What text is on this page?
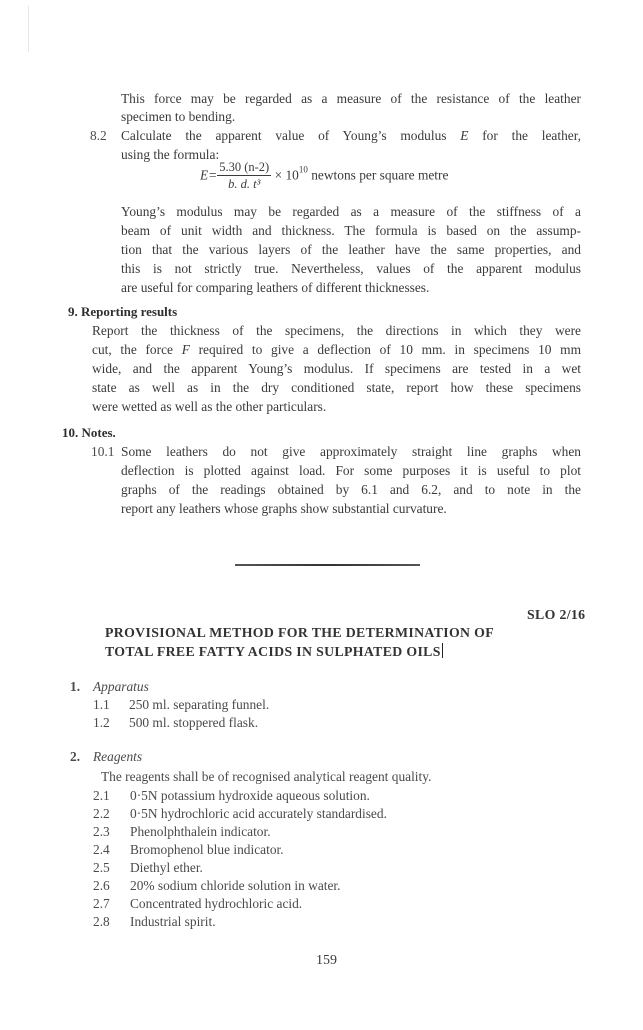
This force may be regarded as a measure of the resistance of the leather
specimen to bending.
8.2 Calculate the apparent value of Young’s modulus E for the leather,
using the formula:
$E= \frac{5.30 (n-2)}{\text{b. d. t³}} \times 10^{10}$ newtons per square metre
Young’s modulus may be regarded as a measure of the stiffness of a
beam of unit width and thickness. The formula is based on the assump-
tion that the various layers of the leather have the same properties, and
this is not strictly true. Nevertheless, values of the apparent modulus
are useful for comparing leathers of different thicknesses.
9. Reporting results
Report the thickness of the specimens, the directions in which they were
cut, the force F required to give a deflection of 10 mm. in specimens 10 mm
wide, and the apparent Young’s modulus. If specimens are tested in a wet
state as well as in the dry conditioned state, report how these specimens
were wetted as well as the other particulars.
10. Notes.
10.1 Some leathers do not give approximately straight line graphs when
deflection is plotted against load. For some purposes it is useful to plot
graphs of the readings obtained by 6.1 and 6.2, and to note in the
report any leathers whose graphs show substantial curvature.
SLO 2/16
PROVISIONAL METHOD FOR THE DETERMINATION OF
TOTAL FREE FATTY ACIDS IN SULPHATED OILS
1. Apparatus
1.1 250 ml. separating funnel.
1.2 500 ml. stoppered flask.
2. Reagents
The reagents shall be of recognised analytical reagent quality.
2.1 0·5N potassium hydroxide aqueous solution.
2.2 0·5N hydrochloric acid accurately standardised.
2.3 Phenolphthalein indicator.
2.4 Bromophenol blue indicator.
2.5 Diethyl ether.
2.6 20% sodium chloride solution in water.
2.7 Concentrated hydrochloric acid.
2.8 Industrial spirit.
159
